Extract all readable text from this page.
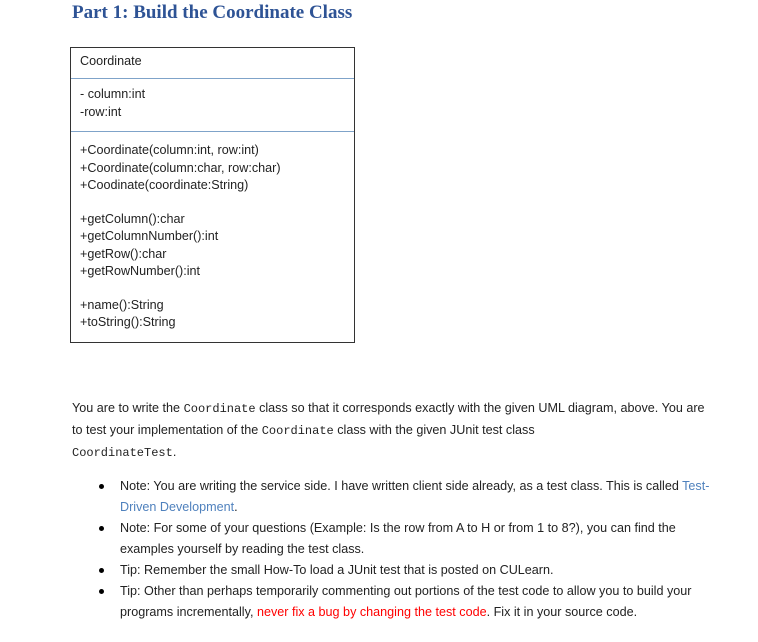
Part 1: Build the Coordinate Class
Coordinate
- column:int
-row:int
+Coordinate(column:int, row:int)
+Coordinate(column:char, row:char)
+Coodinate(coordinate:String)
+getColumn():char
+getColumnNumber():int
+getRow():char
+getRowNumber():int
+name():String
+toString():String
You are to write the Coordinate class so that it corresponds exactly with the given UML diagram, above. You are to test your implementation of the Coordinate class with the given JUnit test class
CoordinateTest.
Note: You are writing the service side. I have written client side already, as a test class. This is called Test-Driven Development.
Note: For some of your questions (Example: Is the row from A to H or from 1 to 8?), you can find the examples yourself by reading the test class.
Tip: Remember the small How-To load a JUnit test that is posted on CULearn.
Tip: Other than perhaps temporarily commenting out portions of the test code to allow you to build your programs incrementally, never fix a bug by changing the test code. Fix it in your source code.
